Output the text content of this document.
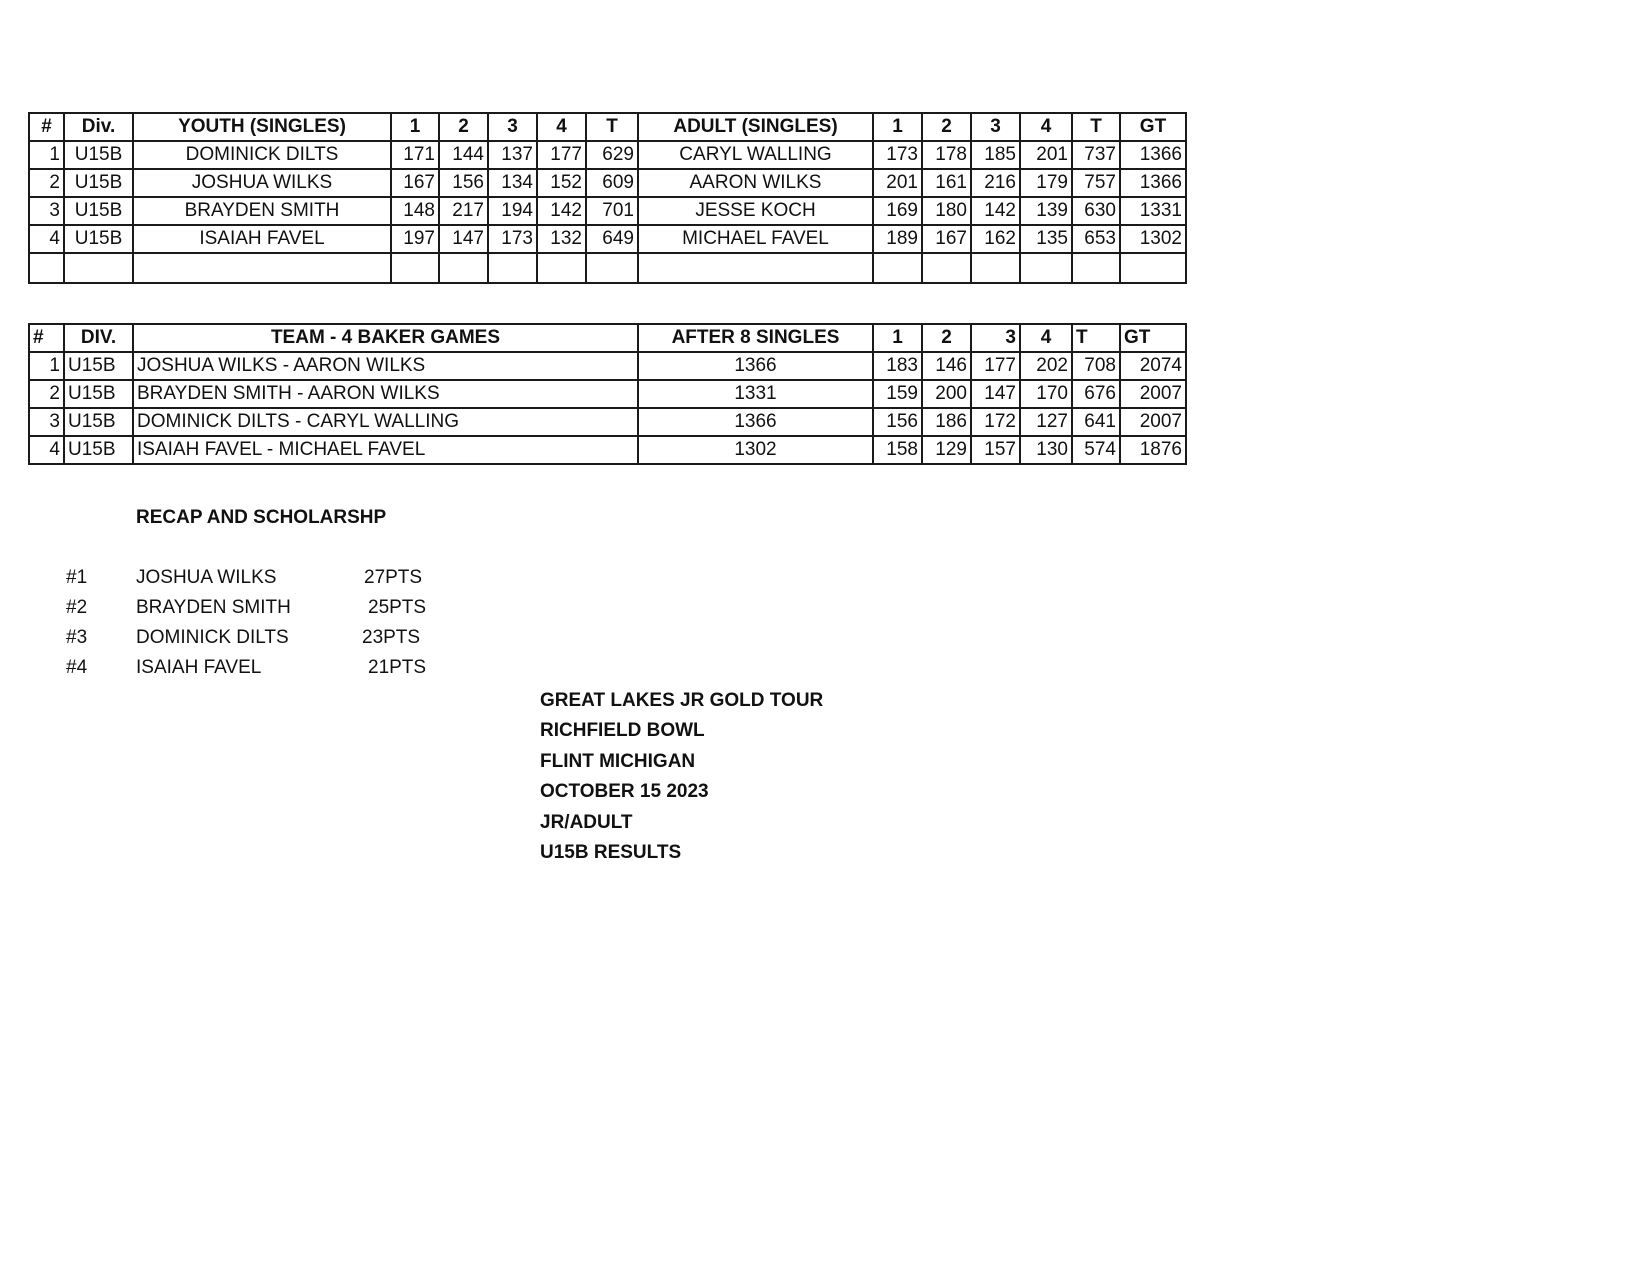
#	Div.	YOUTH (SINGLES)	1	2	3	4	T	ADULT (SINGLES)	1	2	3	4	T	GT
1	U15B	DOMINICK DILTS	171	144	137	177	629	CARYL WALLING	173	178	185	201	737	1366
2	U15B	JOSHUA WILKS	167	156	134	152	609	AARON WILKS	201	161	216	179	757	1366
3	U15B	BRAYDEN SMITH	148	217	194	142	701	JESSE KOCH	169	180	142	139	630	1331
4	U15B	ISAIAH FAVEL	197	147	173	132	649	MICHAEL FAVEL	189	167	162	135	653	1302

#	DIV.	TEAM - 4 BAKER GAMES	AFTER 8 SINGLES	1	2	3	4	T	GT
1	U15B	JOSHUA WILKS - AARON WILKS	1366	183	146	177	202	708	2074
2	U15B	BRAYDEN SMITH - AARON WILKS	1331	159	200	147	170	676	2007
3	U15B	DOMINICK DILTS - CARYL WALLING	1366	156	186	172	127	641	2007
4	U15B	ISAIAH FAVEL - MICHAEL FAVEL	1302	158	129	157	130	574	1876
RECAP AND SCHOLARSHP
#1	JOSHUA WILKS	27PTS
#2	BRAYDEN SMITH	25PTS
#3	DOMINICK DILTS	23PTS
#4	ISAIAH FAVEL	21PTS
GREAT LAKES JR GOLD TOUR
RICHFIELD BOWL
FLINT MICHIGAN
OCTOBER 15 2023
JR/ADULT
U15B RESULTS
